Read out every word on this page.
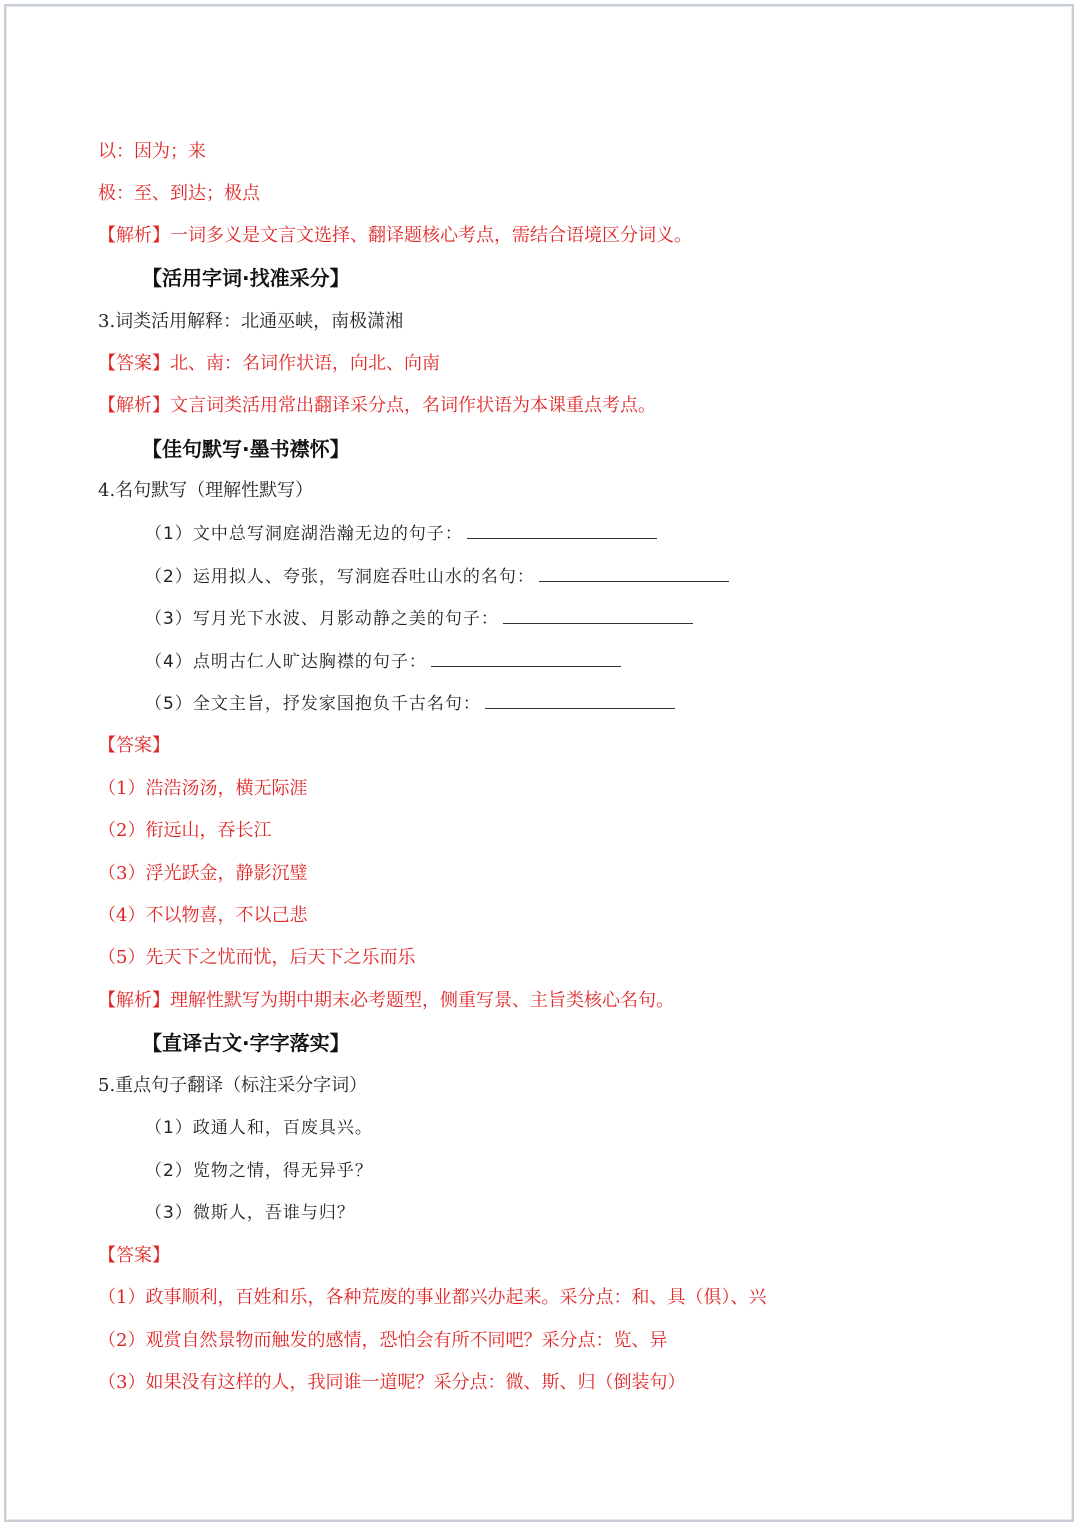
以：因为；来
极：至、到达；极点
【解析】一词多义是文言文选择、翻译题核心考点，需结合语境区分词义。
【活用字词·找准采分】
3.词类活用解释：北通巫峡，南极潇湘
【答案】北、南：名词作状语，向北、向南
【解析】文言词类活用常出翻译采分点，名词作状语为本课重点考点。
【佳句默写·墨书襟怀】
4.名句默写（理解性默写）
（1）文中总写洞庭湖浩瀚无边的句子：
（2）运用拟人、夸张，写洞庭吞吐山水的名句：
（3）写月光下水波、月影动静之美的句子：
（4）点明古仁人旷达胸襟的句子：
（5）全文主旨，抒发家国抱负千古名句：
【答案】
（1）浩浩汤汤，横无际涯
（2）衔远山，吞长江
（3）浮光跃金，静影沉璧
（4）不以物喜，不以己悲
（5）先天下之忧而忧，后天下之乐而乐
【解析】理解性默写为期中期末必考题型，侧重写景、主旨类核心名句。
【直译古文·字字落实】
5.重点句子翻译（标注采分字词）
（1）政通人和，百废具兴。
（2）览物之情，得无异乎？
（3）微斯人，吾谁与归？
【答案】
（1）政事顺利，百姓和乐，各种荒废的事业都兴办起来。采分点：和、具（俱）、兴
（2）观赏自然景物而触发的感情，恐怕会有所不同吧？采分点：览、异
（3）如果没有这样的人，我同谁一道呢？采分点：微、斯、归（倒装句）
